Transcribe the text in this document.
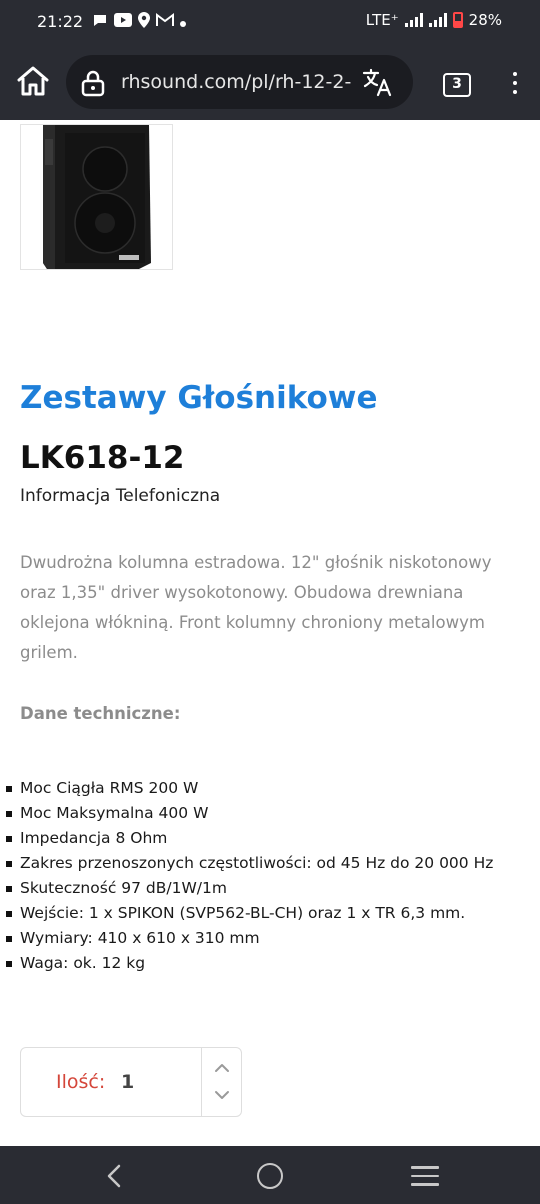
21:22	LTE⁺	28%
rhsound.com/pl/rh-12-2-	3
Zestawy Głośnikowe
LK618-12

Informacja Telefoniczna

Dwudrożna kolumna estradowa. 12" głośnik niskotonowy oraz 1,35" driver wysokotonowy. Obudowa drewniana oklejona włókniną. Front kolumny chroniony metalowym grilem.

Dane techniczne:

Moc Ciągła RMS 200 W
Moc Maksymalna 400 W
Impedancja 8 Ohm
Zakres przenoszonych częstotliwości: od 45 Hz do 20 000 Hz
Skuteczność 97 dB/1W/1m
Wejście: 1 x SPIKON (SVP562-BL-CH) oraz 1 x TR 6,3 mm.
Wymiary: 410 x 610 x 310 mm
Waga: ok. 12 kg
Ilość: 1
